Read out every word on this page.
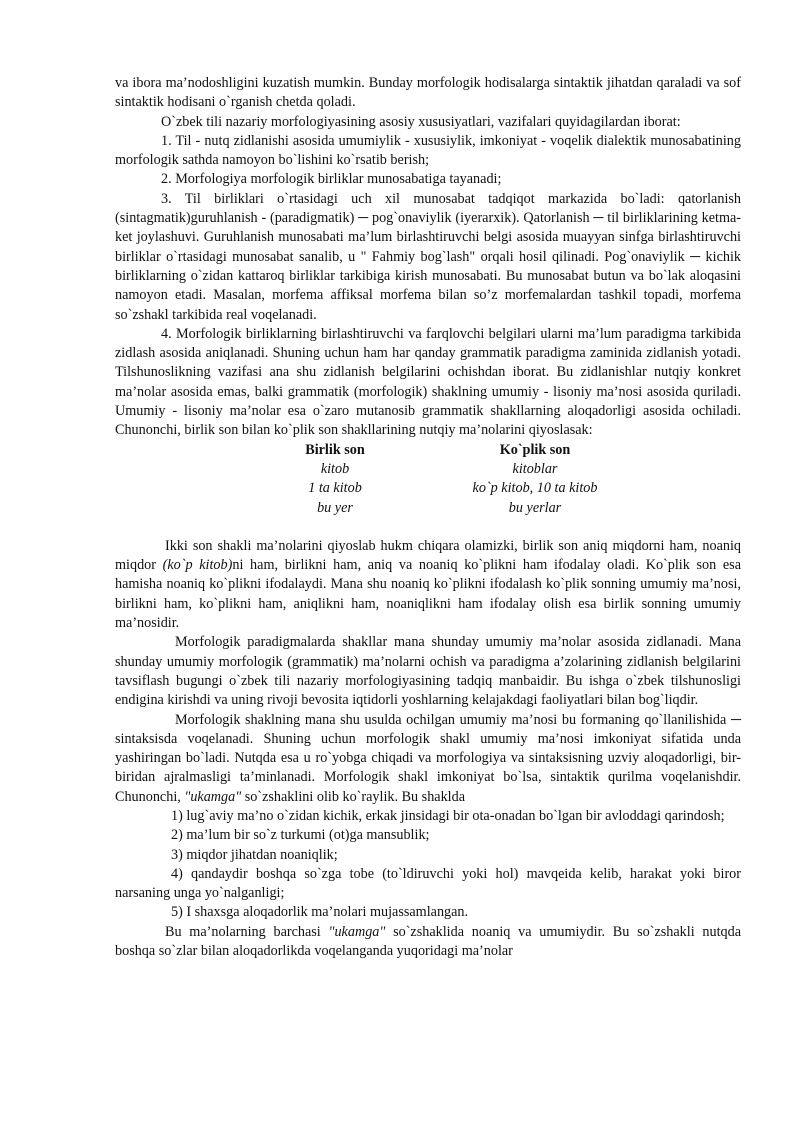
va ibora ma’nodoshligini kuzatish mumkin. Bunday morfologik hodisalarga sintaktik jihatdan qaraladi va sof sintaktik hodisani o`rganish chetda qoladi.

O`zbek tili nazariy morfologiyasining asosiy xususiyatlari, vazifalari quyidagilardan iborat:

1. Til - nutq zidlanishi asosida umumiylik - xususiylik, imkoniyat - voqelik dialektik munosabatining morfologik sathda namoyon bo`lishini ko`rsatib berish;

2. Morfologiya morfologik birliklar munosabatiga tayanadi;

3. Til birliklari o`rtasidagi uch xil munosabat tadqiqot markazida bo`ladi: qatorlanish (sintagmatik)guruhlanish - (paradigmatik) ─ pog`onaviylik (iyerarxik). Qatorlanish ─ til birliklarining ketma-ket joylashuvi. Guruhlanish munosabati ma’lum birlashtiruvchi belgi asosida muayyan sinfga birlashtiruvchi birliklar o`rtasidagi munosabat sanalib, u " Fahmiy bog`lash" orqali hosil qilinadi. Pog`onaviylik ─ kichik birliklarning o`zidan kattaroq birliklar tarkibiga kirish munosabati. Bu munosabat butun va bo`lak aloqasini namoyon etadi. Masalan, morfema affiksal morfema bilan so’z morfemalardan tashkil topadi, morfema so`zshakl tarkibida real voqelanadi.

4. Morfologik birliklarning birlashtiruvchi va farqlovchi belgilari ularni ma’lum paradigma tarkibida zidlash asosida aniqlanadi. Shuning uchun ham har qanday grammatik paradigma zaminida zidlanish yotadi. Tilshunoslikning vazifasi ana shu zidlanish belgilarini ochishdan iborat. Bu zidlanishlar nutqiy konkret ma’nolar asosida emas, balki grammatik (morfologik) shaklning umumiy - lisoniy ma’nosi asosida quriladi. Umumiy - lisoniy ma’nolar esa o`zaro mutanosib grammatik shakllarning aloqadorligi asosida ochiladi. Chunonchi, birlik son bilan ko`plik son shakllarining nutqiy ma’nolarini qiyoslasak:

Birlik son	Ko`plik son
kitob	kitoblar
1 ta kitob	ko`p kitob, 10 ta kitob
bu yer	bu yerlar

Ikki son shakli ma’nolarini qiyoslab hukm chiqara olamizki, birlik son aniq miqdorni ham, noaniq miqdor (ko`p kitob)ni ham, birlikni ham, aniq va noaniq ko`plikni ham ifodalay oladi. Ko`plik son esa hamisha noaniq ko`plikni ifodalaydi. Mana shu noaniq ko`plikni ifodalash ko`plik sonning umumiy ma’nosi, birlikni ham, ko`plikni ham, aniqlikni ham, noaniqlikni ham ifodalay olish esa birlik sonning umumiy ma’nosidir.

Morfologik paradigmalarda shakllar mana shunday umumiy ma’nolar asosida zidlanadi. Mana shunday umumiy morfologik (grammatik) ma’nolarni ochish va paradigma a’zolarining zidlanish belgilarini tavsiflash bugungi o`zbek tili nazariy morfologiyasining tadqiq manbaidir. Bu ishga o`zbek tilshunosligi endigina kirishdi va uning rivoji bevosita iqtidorli yoshlarning kelajakdagi faoliyatlari bilan bog`liqdir.

Morfologik shaklning mana shu usulda ochilgan umumiy ma’nosi bu formaning qo`llanilishida ─ sintaksisda voqelanadi. Shuning uchun morfologik shakl umumiy ma’nosi imkoniyat sifatida unda yashiringan bo`ladi. Nutqda esa u ro`yobga chiqadi va morfologiya va sintaksisning uzviy aloqadorligi, bir-biridan ajralmasligi ta’minlanadi. Morfologik shakl imkoniyat bo`lsa, sintaktik qurilma voqelanishdir. Chunonchi, "ukamga" so`zshaklini olib ko`raylik. Bu shaklda

1) lug`aviy ma’no o`zidan kichik, erkak jinsidagi bir ota-onadan bo`lgan bir avloddagi qarindosh;

2) ma’lum bir so`z turkumi (ot)ga mansublik;

3) miqdor jihatdan noaniqlik;

4) qandaydir boshqa so`zga tobe (to`ldiruvchi yoki hol) mavqeida kelib, harakat yoki biror narsaning unga yo`nalganligi;

5) I shaxsga aloqadorlik ma’nolari mujassamlangan.

Bu ma’nolarning barchasi "ukamga" so`zshaklida noaniq va umumiydir. Bu so`zshakli nutqda boshqa so`zlar bilan aloqadorlikda voqelanganda yuqoridagi ma’nolar
